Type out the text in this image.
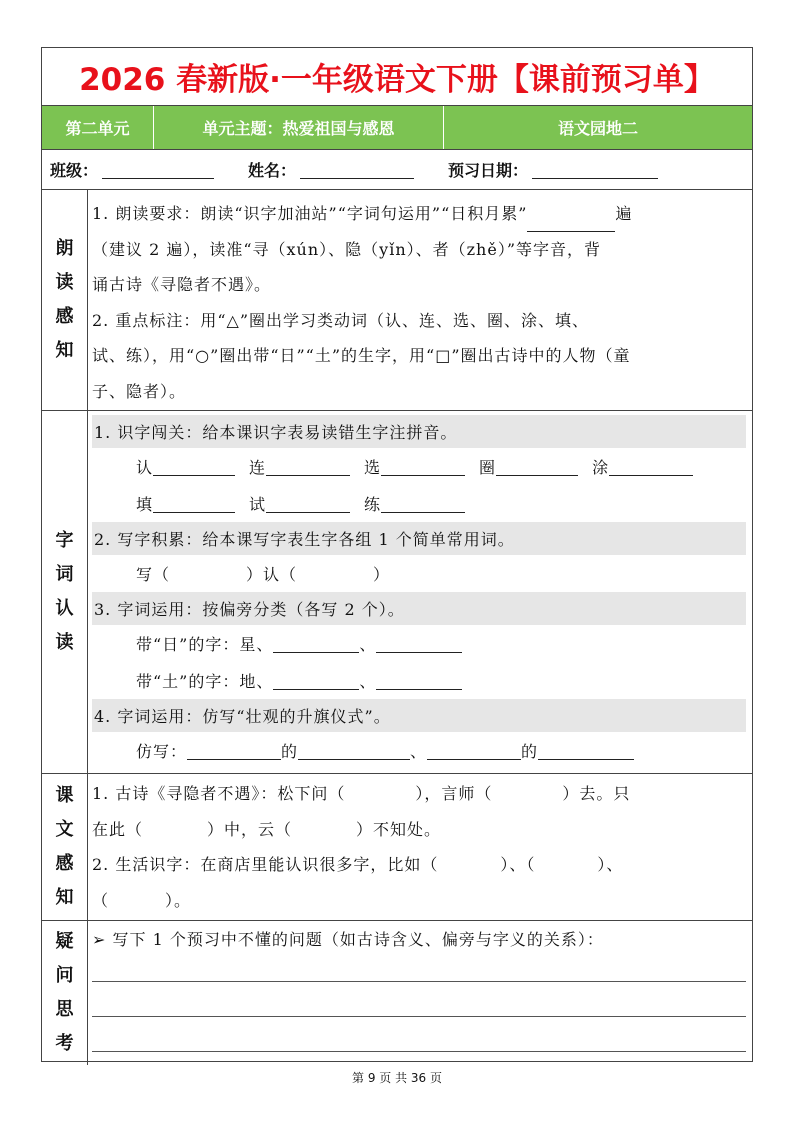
2026 春新版·一年级语文下册【课前预习单】
第二单元	单元主题：热爱祖国与感恩	语文园地二
班级：	姓名：	预习日期：
朗
读
感
知
1. 朗读要求：朗读“识字加油站”“字词句运用”“日积月累”	遍
（建议 2 遍），读准“寻（xún）、隐（yǐn）、者（zhě）”等字音，背
诵古诗《寻隐者不遇》。
2. 重点标注：用“△”圈出学习类动词（认、连、选、圈、涂、填、
试、练），用“○”圈出带“日”“土”的生字，用“□”圈出古诗中的人物（童
子、隐者）。
字
词
认
读
1. 识字闯关：给本课识字表易读错生字注拼音。
认	连	选	圈	涂
填	试	练
2. 写字积累：给本课写字表生字各组 1 个简单常用词。
写（	）认（	）
3. 字词运用：按偏旁分类（各写 2 个）。
带“日”的字：星、	、
带“土”的字：地、	、
4. 字词运用：仿写“壮观的升旗仪式”。
仿写：	的	、	的
课
文
感
知
1. 古诗《寻隐者不遇》：松下问（	），言师（	）去。只
在此（	）中，云（	）不知处。
2. 生活识字：在商店里能认识很多字，比如（	）、（	）、
（	）。
疑
问
思
考
➢ 写下 1 个预习中不懂的问题（如古诗含义、偏旁与字义的关系）：
第 9 页 共 36 页
